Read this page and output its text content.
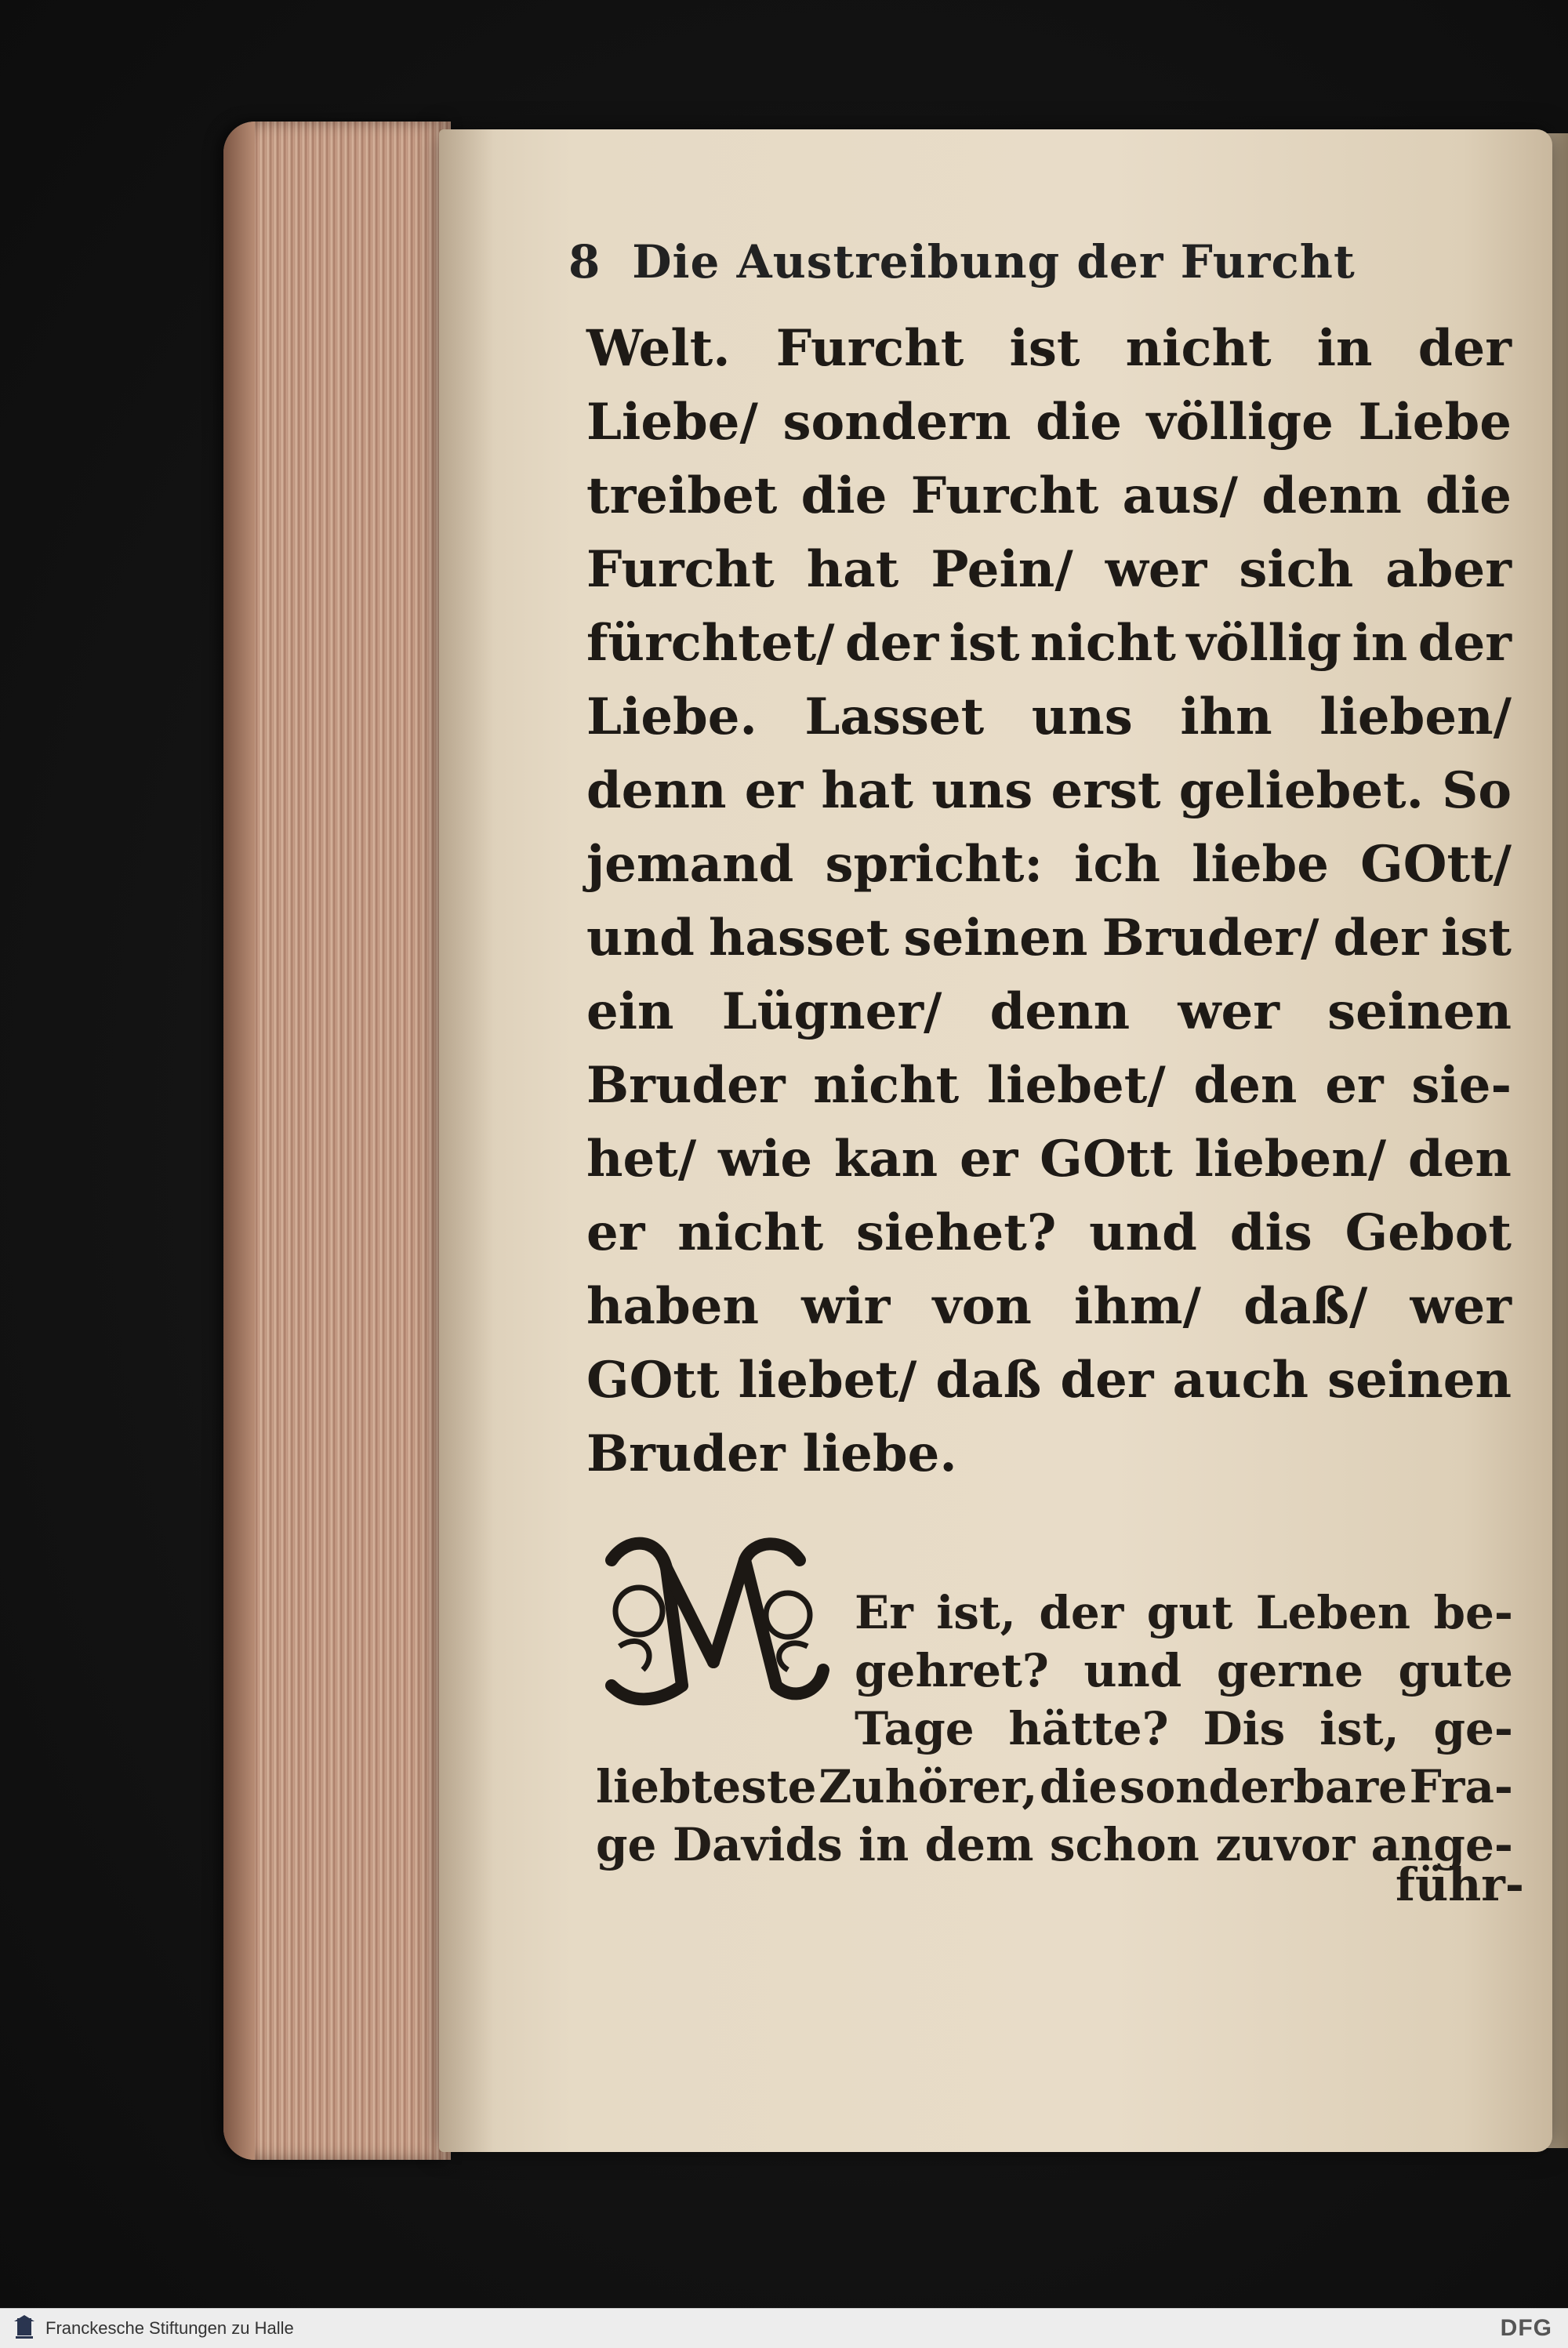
8 Die Austreibung der Furcht
Welt. Furcht ist nicht in der
Liebe/ sondern die völlige Liebe
treibet die Furcht aus/ denn die
Furcht hat Pein/ wer sich aber
fürchtet/ der ist nicht völlig in der
Liebe. Lasset uns ihn lieben/
denn er hat uns erst geliebet. So
jemand spricht: ich liebe GOtt/
und hasset seinen Bruder/ der ist
ein Lügner/ denn wer seinen
Bruder nicht liebet/ den er sie-
het/ wie kan er GOtt lieben/ den
er nicht siehet? und dis Gebot
haben wir von ihm/ daß/ wer
GOtt liebet/ daß der auch seinen
Bruder liebe.
W
Er ist, der gut Leben be-
gehret? und gerne gute
Tage hätte? Dis ist, ge-
liebteste Zuhörer, die sonderbare Fra-
ge Davids in dem schon zuvor ange-
führ-
Franckesche Stiftungen zu Halle	DFG
